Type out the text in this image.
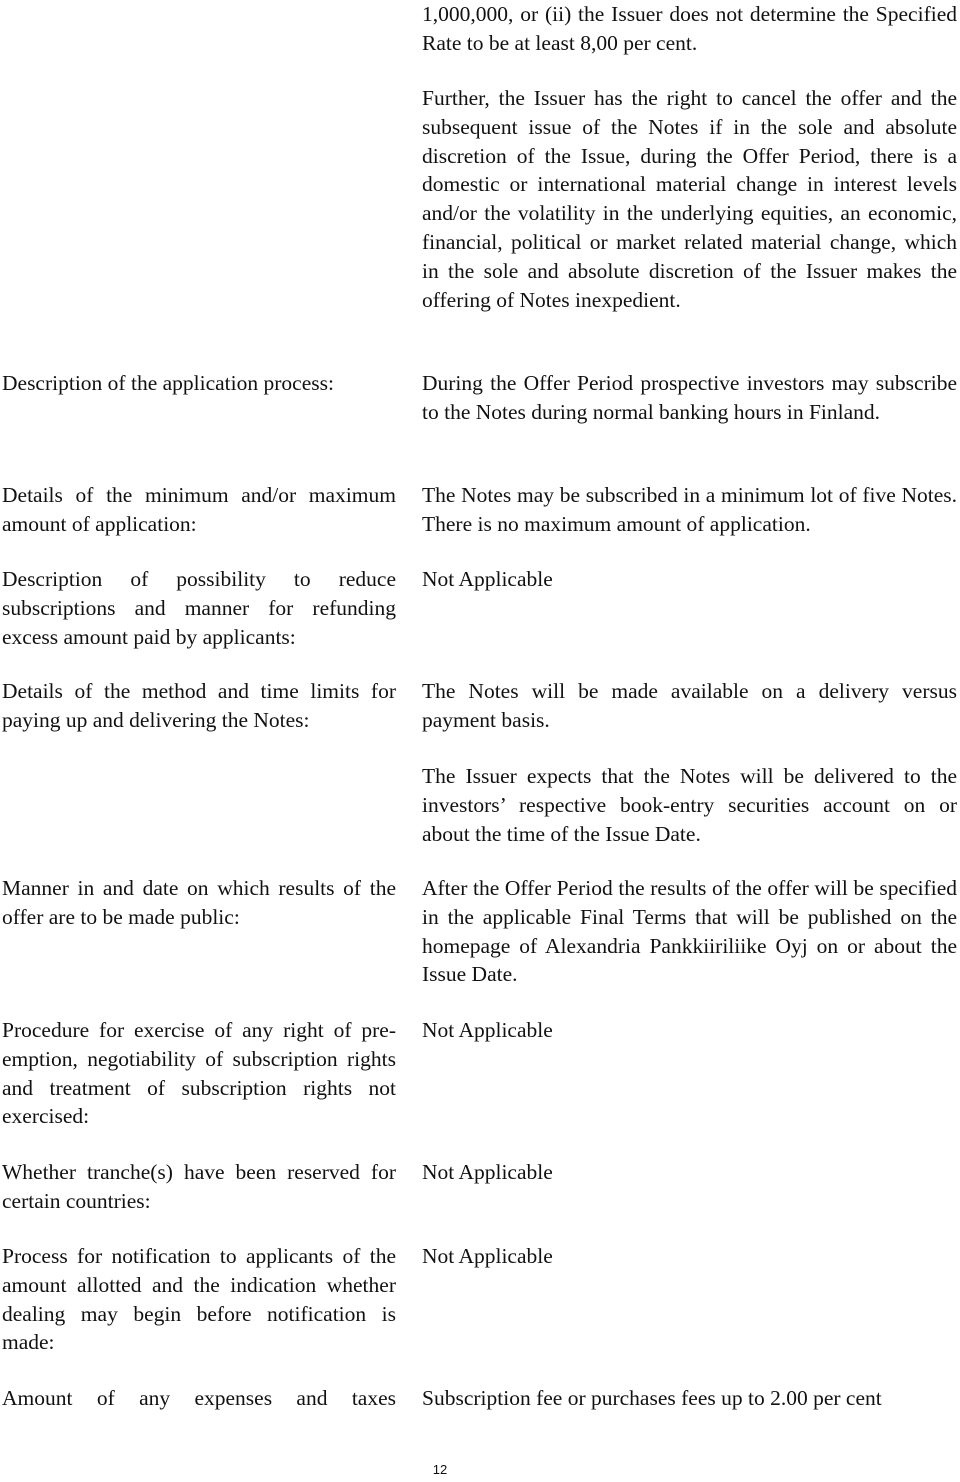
1,000,000, or (ii) the Issuer does not determine the Specified Rate to be at least 8,00 per cent.

Further, the Issuer has the right to cancel the offer and the subsequent issue of the Notes if in the sole and absolute discretion of the Issue, during the Offer Period, there is a domestic or international material change in interest levels and/or the volatility in the underlying equities, an economic, financial, political or market related material change, which in the sole and absolute discretion of the Issuer makes the offering of Notes inexpedient.

Description of the application process:	During the Offer Period prospective investors may subscribe to the Notes during normal banking hours in Finland.

Details of the minimum and/or maximum amount of application:

The Notes may be subscribed in a minimum lot of five Notes. There is no maximum amount of application.

Description of possibility to reduce subscriptions and manner for refunding excess amount paid by applicants:

Not Applicable

Details of the method and time limits for paying up and delivering the Notes:

The Notes will be made available on a delivery versus payment basis.

The Issuer expects that the Notes will be delivered to the investors’ respective book-entry securities account on or about the time of the Issue Date.

Manner in and date on which results of the offer are to be made public:

After the Offer Period the results of the offer will be specified in the applicable Final Terms that will be published on the homepage of Alexandria Pankkiiriliike Oyj on or about the Issue Date.

Procedure for exercise of any right of pre-emption, negotiability of subscription rights and treatment of subscription rights not exercised:

Not Applicable

Whether tranche(s) have been reserved for certain countries:

Not Applicable

Process for notification to applicants of the amount allotted and the indication whether dealing may begin before notification is made:

Not Applicable

Amount of any expenses and taxes Subscription fee or purchases fees up to 2.00 per cent

12
